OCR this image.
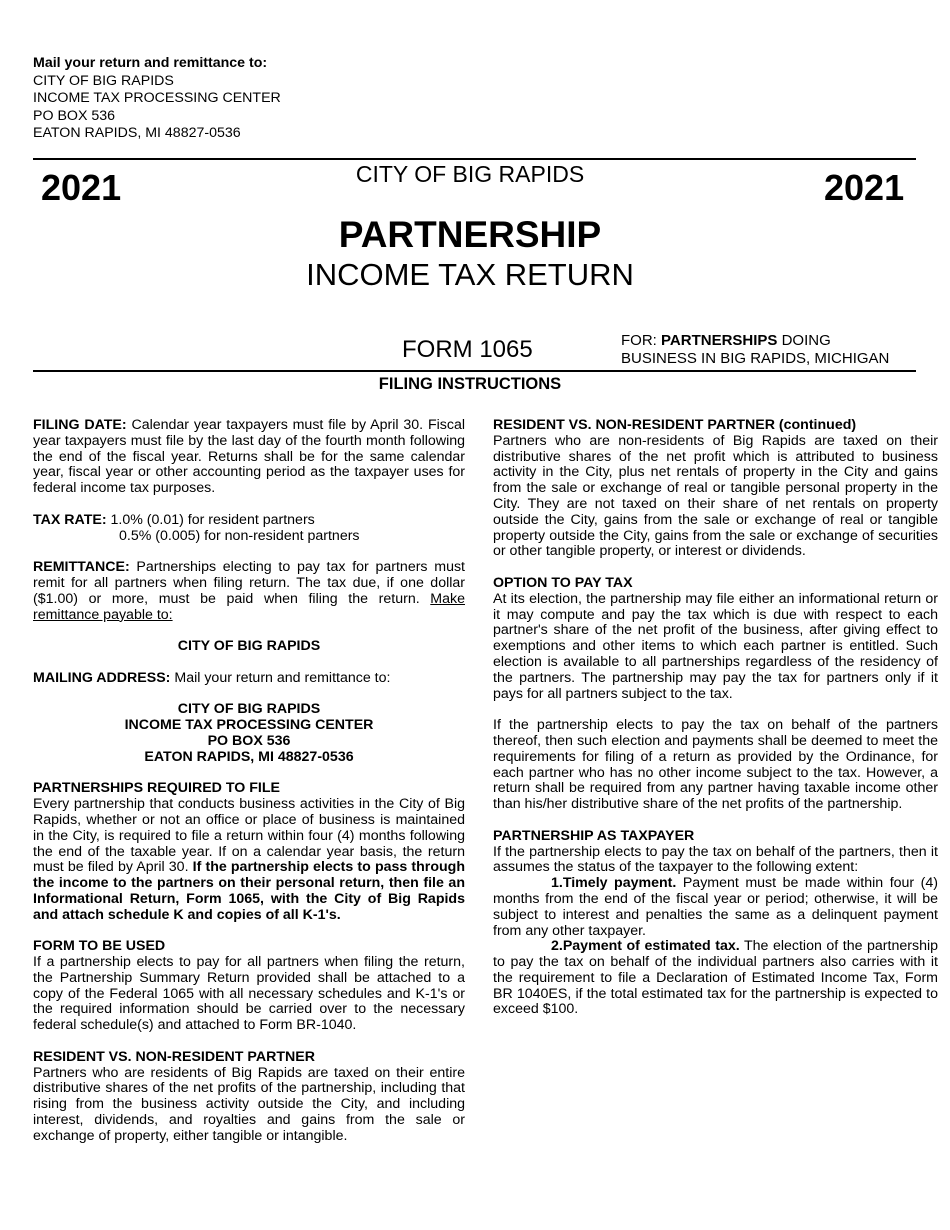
Mail your return and remittance to:
CITY OF BIG RAPIDS
INCOME TAX PROCESSING CENTER
PO BOX 536
EATON RAPIDS, MI 48827-0536
2021	2021
CITY OF BIG RAPIDS
PARTNERSHIP
INCOME TAX RETURN
FORM 1065	FOR: PARTNERSHIPS DOING
BUSINESS IN BIG RAPIDS, MICHIGAN
FILING INSTRUCTIONS

FILING DATE: Calendar year taxpayers must file by April 30. Fiscal year taxpayers must file by the last day of the fourth month following the end of the fiscal year. Returns shall be for the same calendar year, fiscal year or other accounting period as the taxpayer uses for federal income tax purposes.

TAX RATE: 1.0% (0.01) for resident partners

0.5% (0.005) for non-resident partners

REMITTANCE: Partnerships electing to pay tax for partners must remit for all partners when filing return. The tax due, if one dollar ($1.00) or more, must be paid when filing the return. Make remittance payable to:

CITY OF BIG RAPIDS

MAILING ADDRESS: Mail your return and remittance to:

CITY OF BIG RAPIDS

INCOME TAX PROCESSING CENTER

PO BOX 536

EATON RAPIDS, MI 48827-0536

PARTNERSHIPS REQUIRED TO FILE

Every partnership that conducts business activities in the City of Big Rapids, whether or not an office or place of business is maintained in the City, is required to file a return within four (4) months following the end of the taxable year. If on a calendar year basis, the return must be filed by April 30. If the partnership elects to pass through the income to the partners on their personal return, then file an Informational Return, Form 1065, with the City of Big Rapids and attach schedule K and copies of all K-1's.

FORM TO BE USED

If a partnership elects to pay for all partners when filing the return, the Partnership Summary Return provided shall be attached to a copy of the Federal 1065 with all necessary schedules and K-1's or the required information should be carried over to the necessary federal schedule(s) and attached to Form BR-1040.

RESIDENT VS. NON-RESIDENT PARTNER

Partners who are residents of Big Rapids are taxed on their entire distributive shares of the net profits of the partnership, including that rising from the business activity outside the City, and including interest, dividends, and royalties and gains from the sale or exchange of property, either tangible or intangible.

RESIDENT VS. NON-RESIDENT PARTNER (continued)

Partners who are non-residents of Big Rapids are taxed on their distributive shares of the net profit which is attributed to business activity in the City, plus net rentals of property in the City and gains from the sale or exchange of real or tangible personal property in the City. They are not taxed on their share of net rentals on property outside the City, gains from the sale or exchange of real or tangible property outside the City, gains from the sale or exchange of securities or other tangible property, or interest or dividends.

OPTION TO PAY TAX

At its election, the partnership may file either an informational return or it may compute and pay the tax which is due with respect to each partner's share of the net profit of the business, after giving effect to exemptions and other items to which each partner is entitled. Such election is available to all partnerships regardless of the residency of the partners. The partnership may pay the tax for partners only if it pays for all partners subject to the tax.

If the partnership elects to pay the tax on behalf of the partners thereof, then such election and payments shall be deemed to meet the requirements for filing of a return as provided by the Ordinance, for each partner who has no other income subject to the tax. However, a return shall be required from any partner having taxable income other than his/her distributive share of the net profits of the partnership.

PARTNERSHIP AS TAXPAYER

If the partnership elects to pay the tax on behalf of the partners, then it assumes the status of the taxpayer to the following extent:

1.Timely payment. Payment must be made within four (4) months from the end of the fiscal year or period; otherwise, it will be subject to interest and penalties the same as a delinquent payment from any other taxpayer.

2.Payment of estimated tax. The election of the partnership to pay the tax on behalf of the individual partners also carries with it the requirement to file a Declaration of Estimated Income Tax, Form BR 1040ES, if the total estimated tax for the partnership is expected to exceed $100.
